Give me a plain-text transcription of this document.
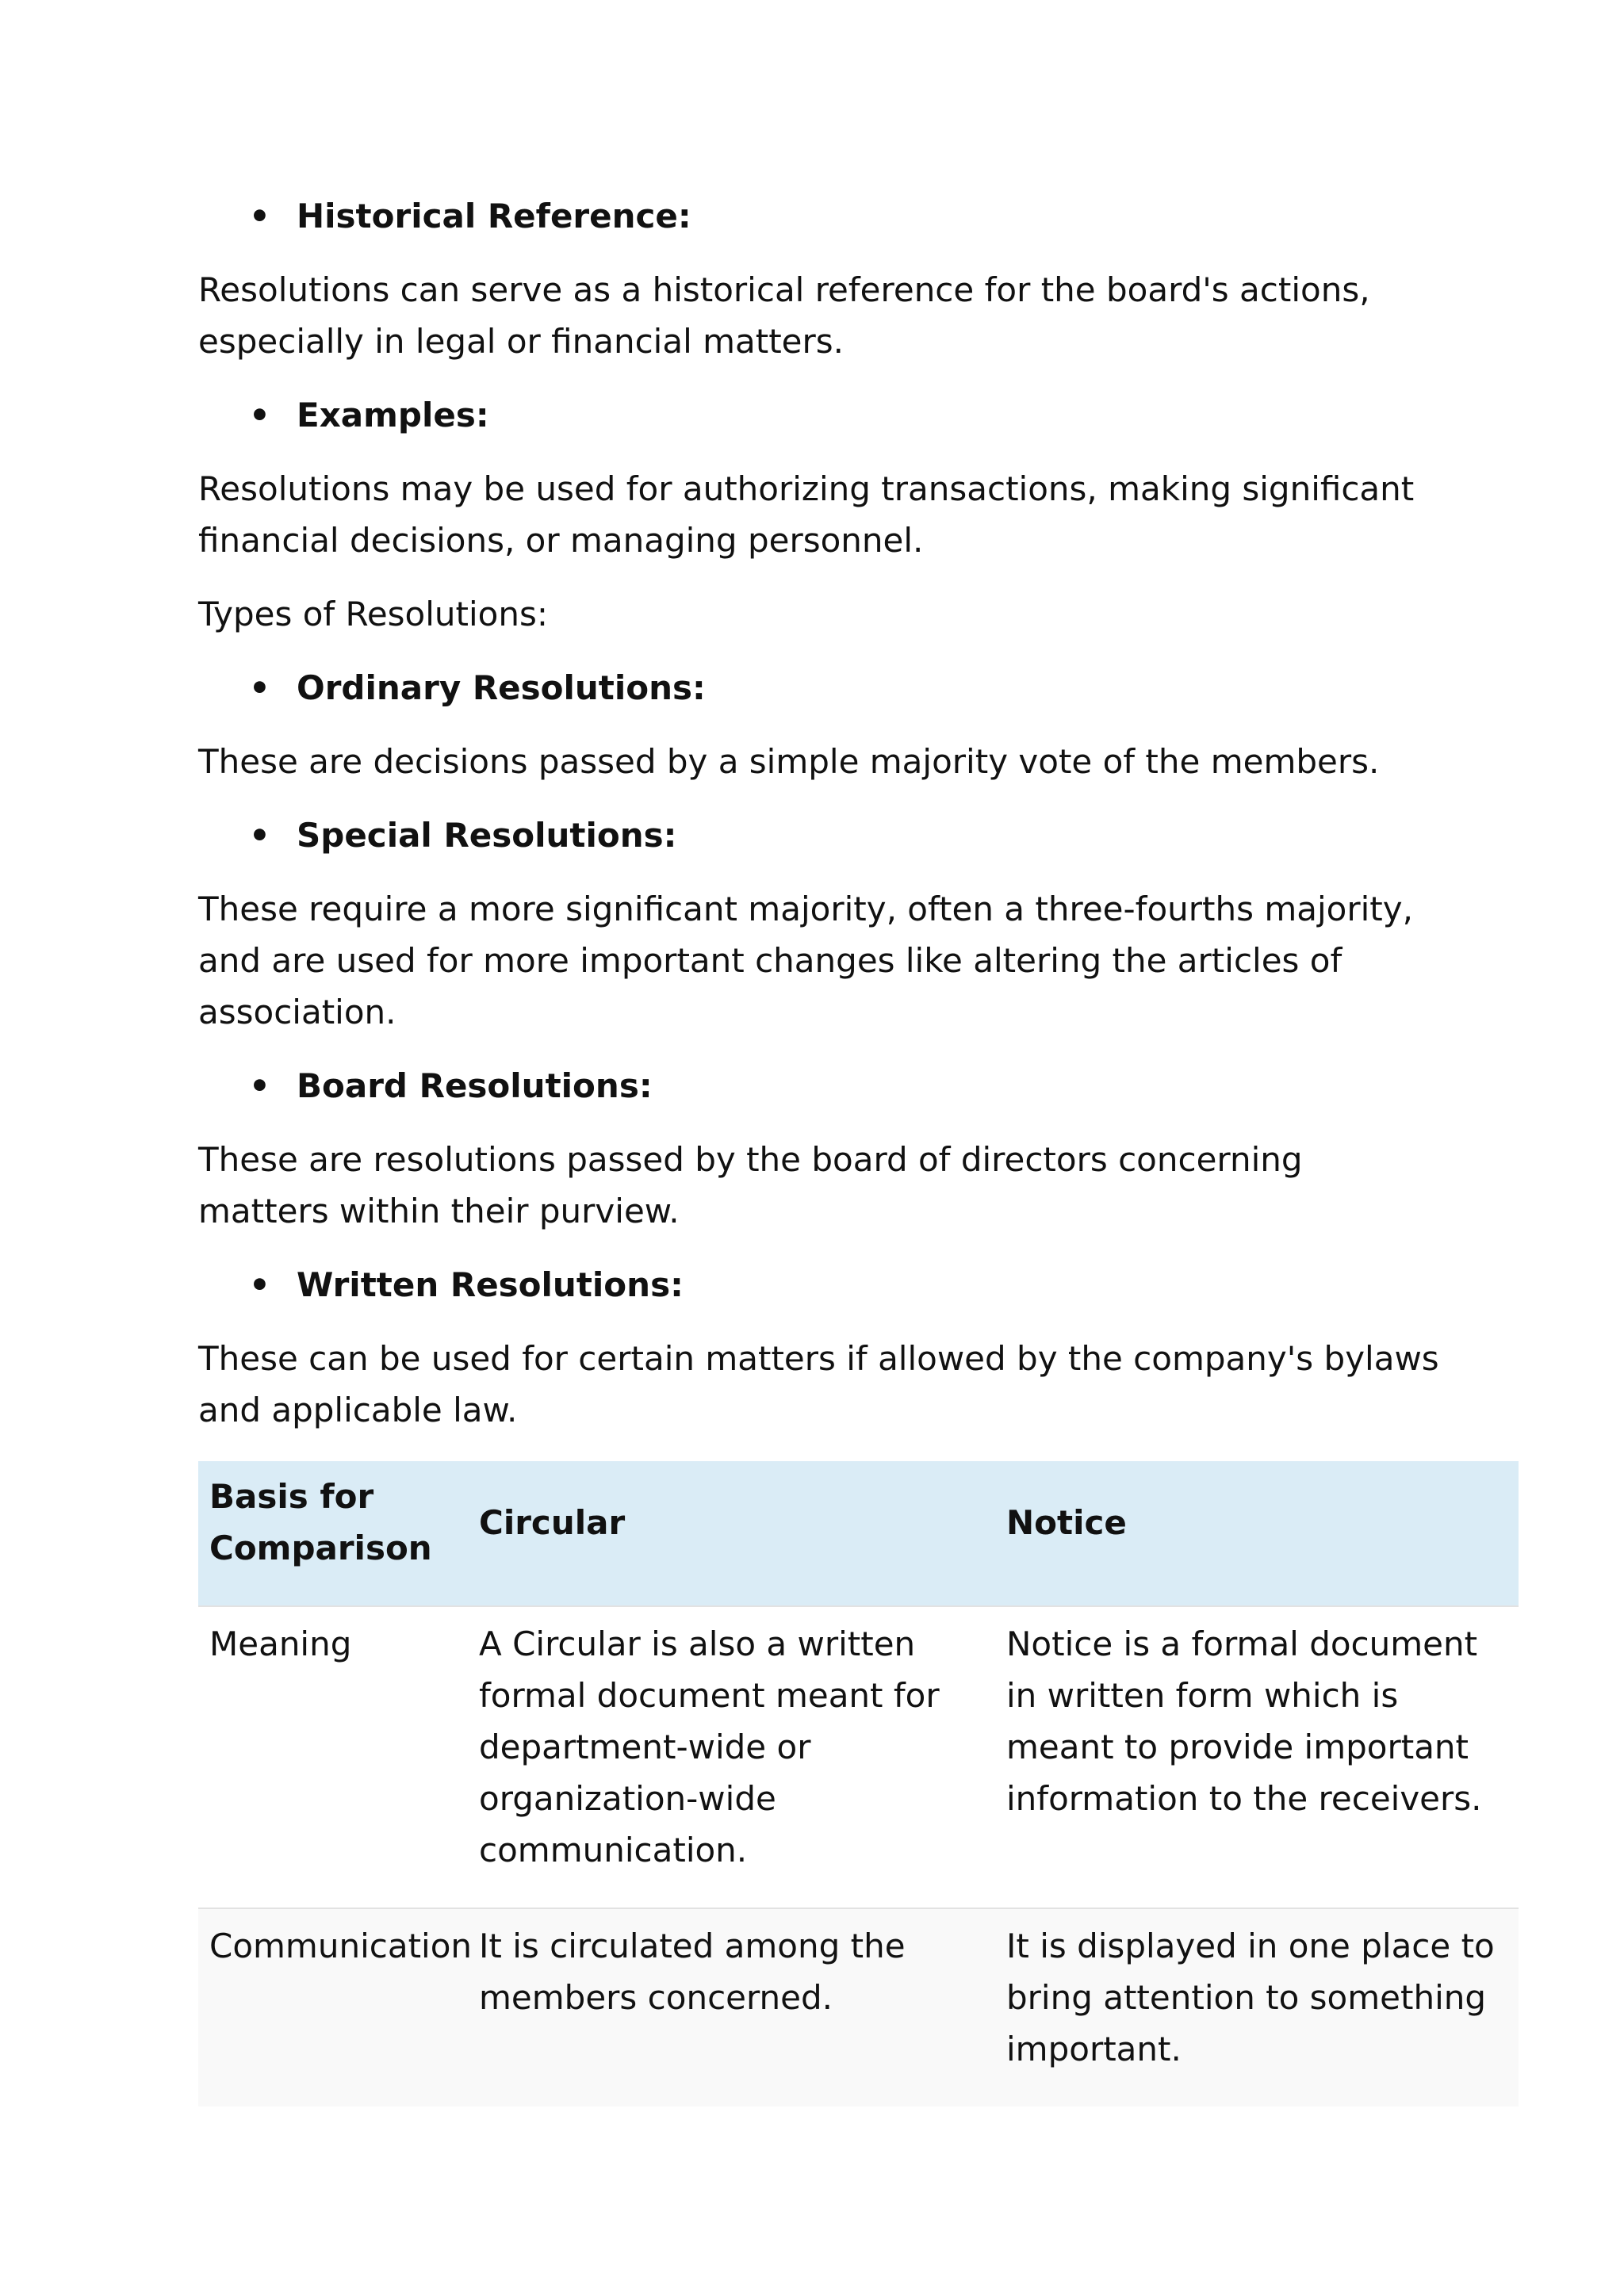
• Historical Reference:

Resolutions can serve as a historical reference for the board's actions, especially in legal or financial matters.

• Examples:

Resolutions may be used for authorizing transactions, making significant financial decisions, or managing personnel.

Types of Resolutions:

• Ordinary Resolutions:

These are decisions passed by a simple majority vote of the members.

• Special Resolutions:

These require a more significant majority, often a three-fourths majority, and are used for more important changes like altering the articles of association.

• Board Resolutions:

These are resolutions passed by the board of directors concerning matters within their purview.

• Written Resolutions:

These can be used for certain matters if allowed by the company's bylaws and applicable law.

Basis for Comparison	Circular	Notice
Meaning	A Circular is also a written formal document meant for department-wide or organization-wide communication.	Notice is a formal document in written form which is meant to provide important information to the receivers.
Communication	It is circulated among the members concerned.	It is displayed in one place to bring attention to something important.
